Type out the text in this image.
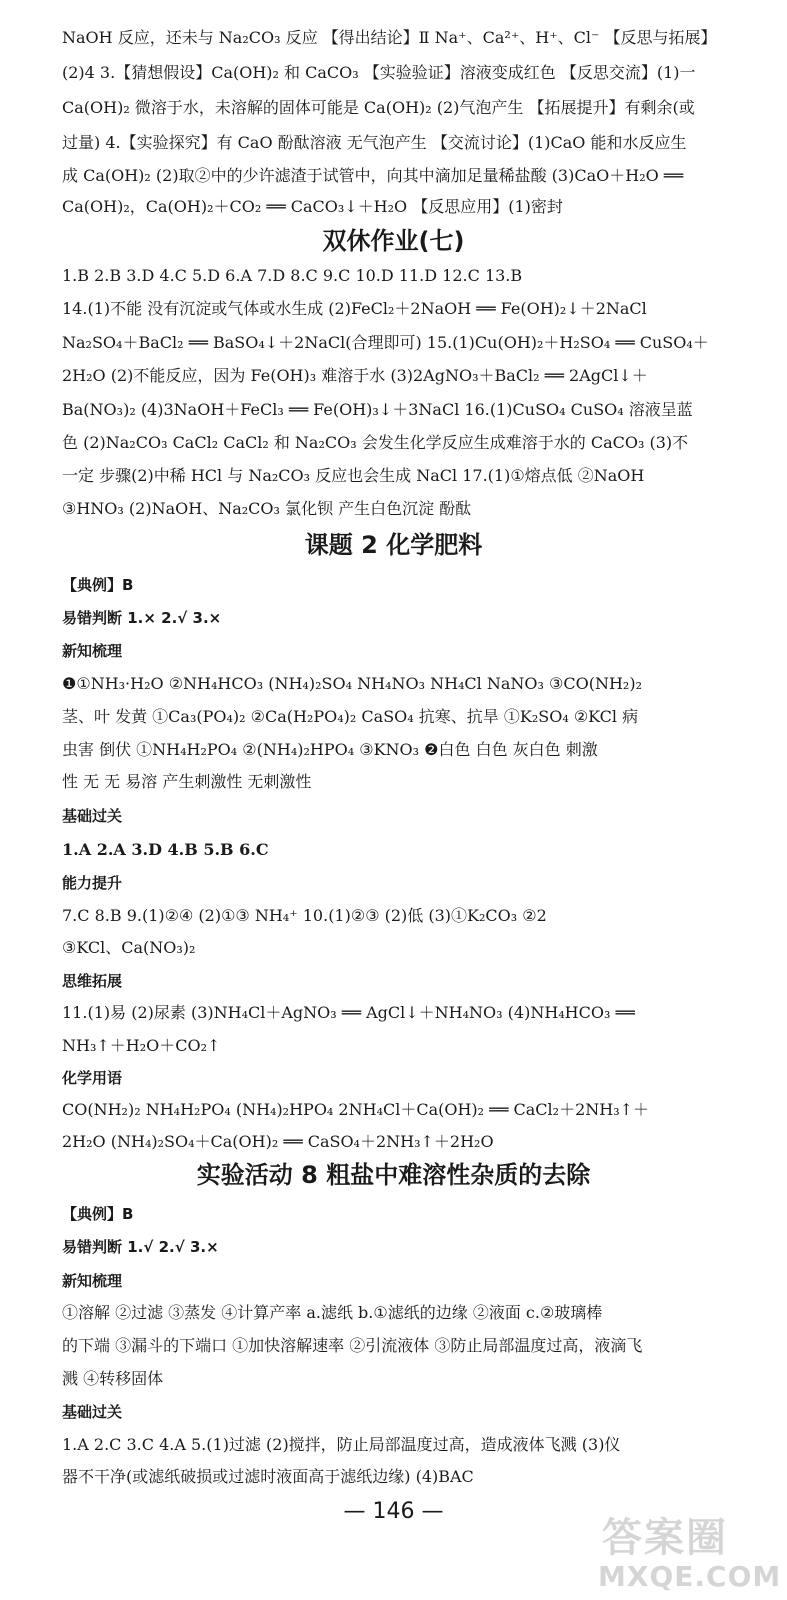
NaOH 反应，还未与 Na₂CO₃ 反应 【得出结论】Ⅱ Na⁺、Ca²⁺、H⁺、Cl⁻ 【反思与拓展】
(2)4 3.【猜想假设】Ca(OH)₂ 和 CaCO₃ 【实验验证】溶液变成红色 【反思交流】(1)一
Ca(OH)₂ 微溶于水，未溶解的固体可能是 Ca(OH)₂ (2)气泡产生 【拓展提升】有剩余(或
过量) 4.【实验探究】有 CaO 酚酞溶液 无气泡产生 【交流讨论】(1)CaO 能和水反应生
成 Ca(OH)₂ (2)取②中的少许滤渣于试管中，向其中滴加足量稀盐酸 (3)CaO＋H₂O ══
Ca(OH)₂，Ca(OH)₂＋CO₂ ══ CaCO₃↓＋H₂O 【反思应用】(1)密封
双休作业(七)
1.B 2.B 3.D 4.C 5.D 6.A 7.D 8.C 9.C 10.D 11.D 12.C 13.B
14.(1)不能 没有沉淀或气体或水生成 (2)FeCl₂＋2NaOH ══ Fe(OH)₂↓＋2NaCl
Na₂SO₄＋BaCl₂ ══ BaSO₄↓＋2NaCl(合理即可) 15.(1)Cu(OH)₂＋H₂SO₄ ══ CuSO₄＋
2H₂O (2)不能反应，因为 Fe(OH)₃ 难溶于水 (3)2AgNO₃＋BaCl₂ ══ 2AgCl↓＋
Ba(NO₃)₂ (4)3NaOH＋FeCl₃ ══ Fe(OH)₃↓＋3NaCl 16.(1)CuSO₄ CuSO₄ 溶液呈蓝
色 (2)Na₂CO₃ CaCl₂ CaCl₂ 和 Na₂CO₃ 会发生化学反应生成难溶于水的 CaCO₃ (3)不
一定 步骤(2)中稀 HCl 与 Na₂CO₃ 反应也会生成 NaCl 17.(1)①熔点低 ②NaOH
③HNO₃ (2)NaOH、Na₂CO₃ 氯化钡 产生白色沉淀 酚酞
课题 2 化学肥料
【典例】B
易错判断 1.× 2.√ 3.×
新知梳理
❶①NH₃·H₂O ②NH₄HCO₃ (NH₄)₂SO₄ NH₄NO₃ NH₄Cl NaNO₃ ③CO(NH₂)₂
茎、叶 发黄 ①Ca₃(PO₄)₂ ②Ca(H₂PO₄)₂ CaSO₄ 抗寒、抗旱 ①K₂SO₄ ②KCl 病
虫害 倒伏 ①NH₄H₂PO₄ ②(NH₄)₂HPO₄ ③KNO₃ ❷白色 白色 灰白色 刺激
性 无 无 易溶 产生刺激性 无刺激性
基础过关
1.A 2.A 3.D 4.B 5.B 6.C
能力提升
7.C 8.B 9.(1)②④ (2)①③ NH₄⁺ 10.(1)②③ (2)低 (3)①K₂CO₃ ②2
③KCl、Ca(NO₃)₂
思维拓展
11.(1)易 (2)尿素 (3)NH₄Cl＋AgNO₃ ══ AgCl↓＋NH₄NO₃ (4)NH₄HCO₃ ══
NH₃↑＋H₂O＋CO₂↑
化学用语
CO(NH₂)₂ NH₄H₂PO₄ (NH₄)₂HPO₄ 2NH₄Cl＋Ca(OH)₂ ══ CaCl₂＋2NH₃↑＋
2H₂O (NH₄)₂SO₄＋Ca(OH)₂ ══ CaSO₄＋2NH₃↑＋2H₂O
实验活动 8 粗盐中难溶性杂质的去除
【典例】B
易错判断 1.√ 2.√ 3.×
新知梳理
①溶解 ②过滤 ③蒸发 ④计算产率 a.滤纸 b.①滤纸的边缘 ②液面 c.②玻璃棒
的下端 ③漏斗的下端口 ①加快溶解速率 ②引流液体 ③防止局部温度过高，液滴飞
溅 ④转移固体
基础过关
1.A 2.C 3.C 4.A 5.(1)过滤 (2)搅拌，防止局部温度过高，造成液体飞溅 (3)仪
器不干净(或滤纸破损或过滤时液面高于滤纸边缘) (4)BAC
— 146 —
答案圈
MXQE.COM
